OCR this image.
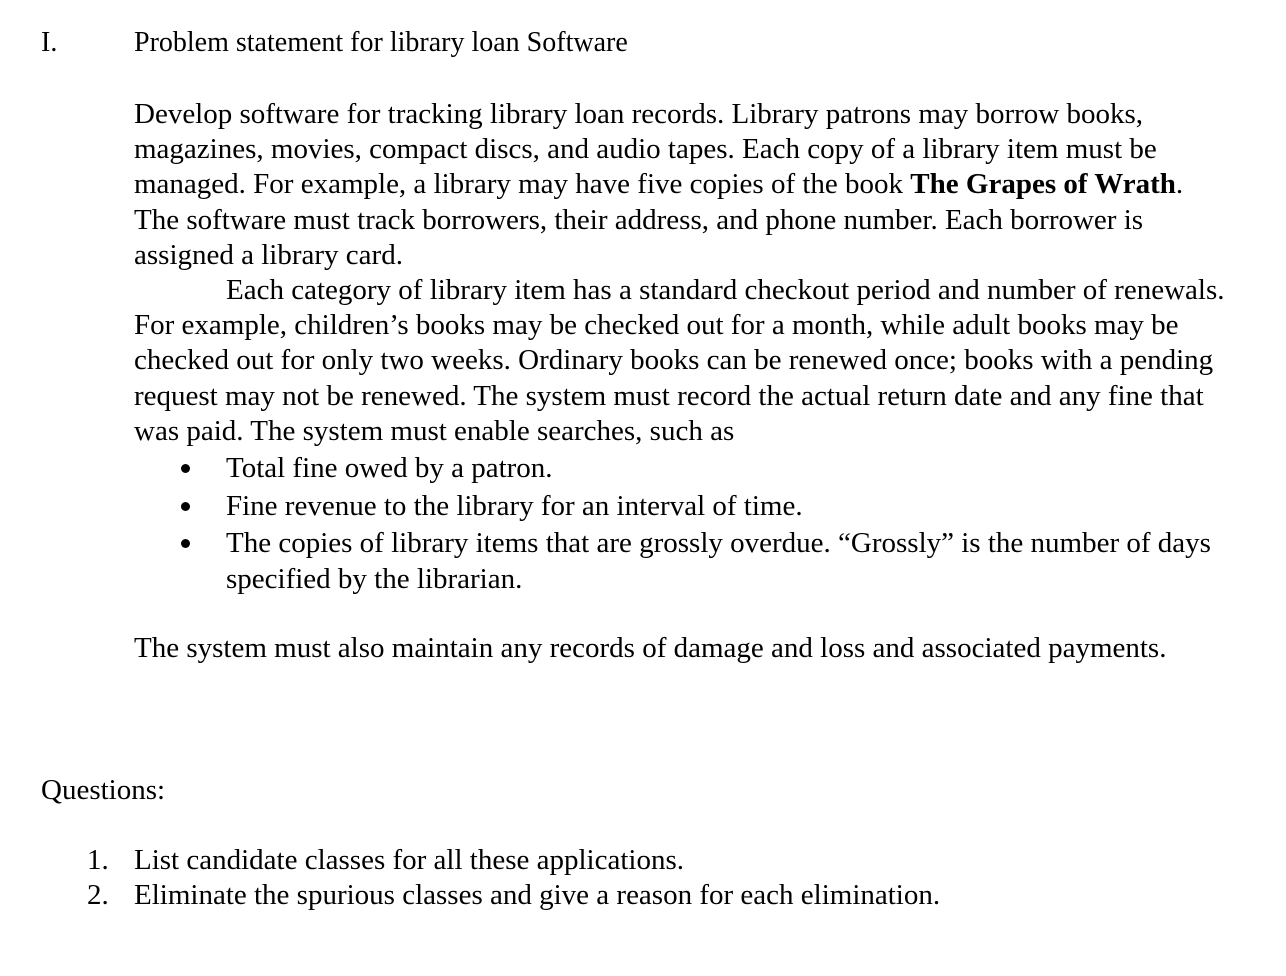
I.	Problem statement for library loan Software
Develop software for tracking library loan records. Library patrons may borrow books, magazines, movies, compact discs, and audio tapes. Each copy of a library item must be managed. For example, a library may have five copies of the book The Grapes of Wrath. The software must track borrowers, their address, and phone number. Each borrower is assigned a library card.
Each category of library item has a standard checkout period and number of renewals. For example, children’s books may be checked out for a month, while adult books may be checked out for only two weeks. Ordinary books can be renewed once; books with a pending request may not be renewed. The system must record the actual return date and any fine that was paid. The system must enable searches, such as
Total fine owed by a patron.
Fine revenue to the library for an interval of time.
The copies of library items that are grossly overdue. “Grossly” is the number of days specified by the librarian.
The system must also maintain any records of damage and loss and associated payments.
Questions:
1. List candidate classes for all these applications.
2. Eliminate the spurious classes and give a reason for each elimination.
